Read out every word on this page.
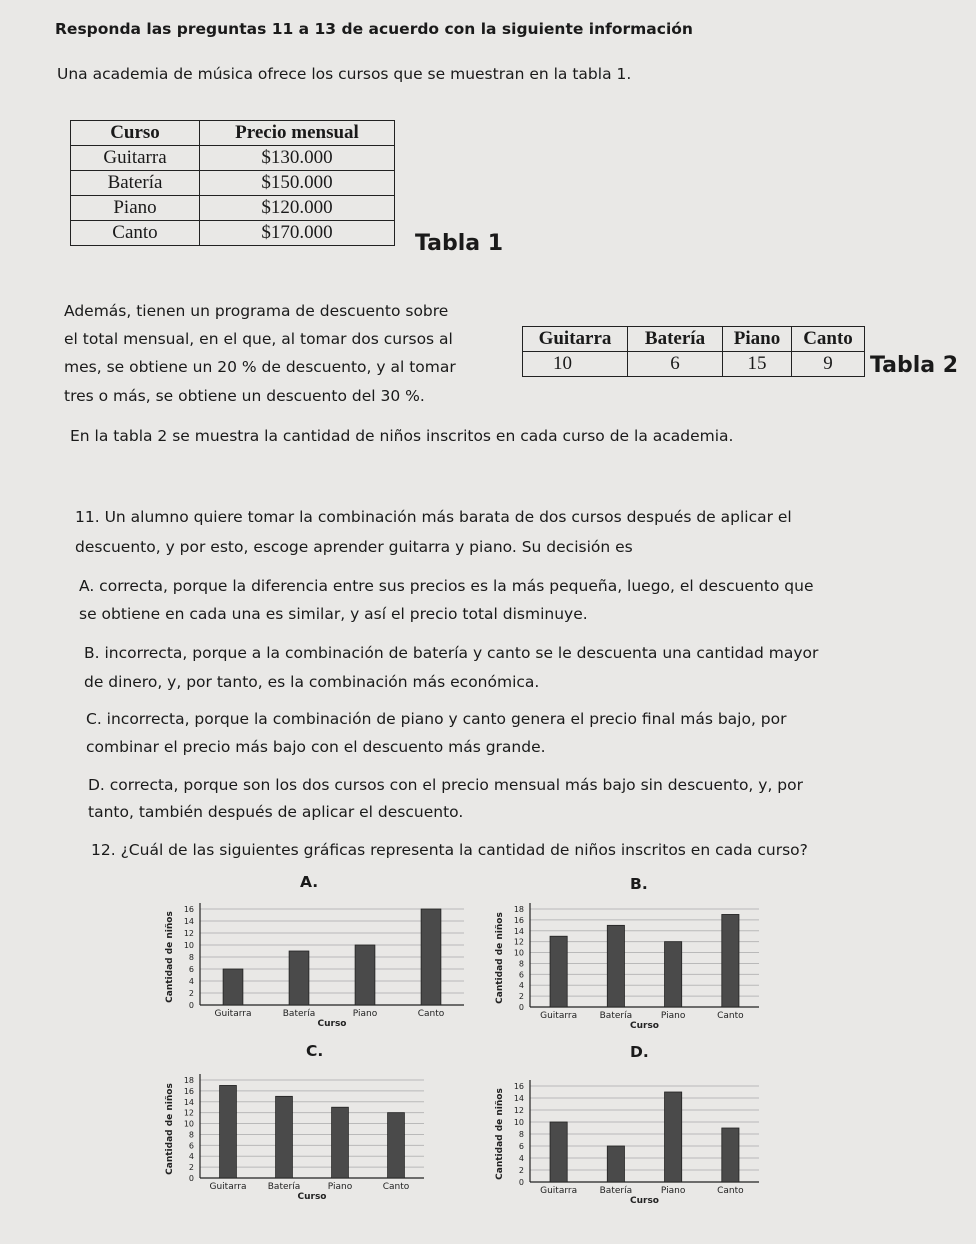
Responda las preguntas 11 a 13 de acuerdo con la siguiente información
Una academia de música ofrece los cursos que se muestran en la tabla 1.
Curso	Precio mensual
Guitarra	$130.000
Batería	$150.000
Piano	$120.000
Canto	$170.000	Tabla 1
Además, tienen un programa de descuento sobre
el total mensual, en el que, al tomar dos cursos al
mes, se obtiene un 20 % de descuento, y al tomar
tres o más, se obtiene un descuento del 30 %.
Guitarra	Batería	Piano	Canto
10	6	15	9 Tabla 2
En la tabla 2 se muestra la cantidad de niños inscritos en cada curso de la academia.
11. Un alumno quiere tomar la combinación más barata de dos cursos después de aplicar el
descuento, y por esto, escoge aprender guitarra y piano. Su decisión es
A. correcta, porque la diferencia entre sus precios es la más pequeña, luego, el descuento que
se obtiene en cada una es similar, y así el precio total disminuye.
B. incorrecta, porque a la combinación de batería y canto se le descuenta una cantidad mayor
de dinero, y, por tanto, es la combinación más económica.
C. incorrecta, porque la combinación de piano y canto genera el precio final más bajo, por
combinar el precio más bajo con el descuento más grande.
D. correcta, porque son los dos cursos con el precio mensual más bajo sin descuento, y, por
tanto, también después de aplicar el descuento.
12. ¿Cuál de las siguientes gráficas representa la cantidad de niños inscritos en cada curso?
A.	B.
C.	D.
0
2
4
6
8
10
12
14
16
Guitarra	Batería	Piano	Canto
Curso
Cantidad de niños
0
2
4
6
8
10
12
14
16
18
Guitarra	Batería	Piano	Canto
Curso
Cantidad de niños
0
2
4
6
8
10
12
14
16
18
Guitarra Batería	Piano	Canto
Curso
Cantidad de niños
0
2
4
6
8
10
12
14
16
Guitarra	Batería	Piano	Canto
Curso
Cantidad de niños
